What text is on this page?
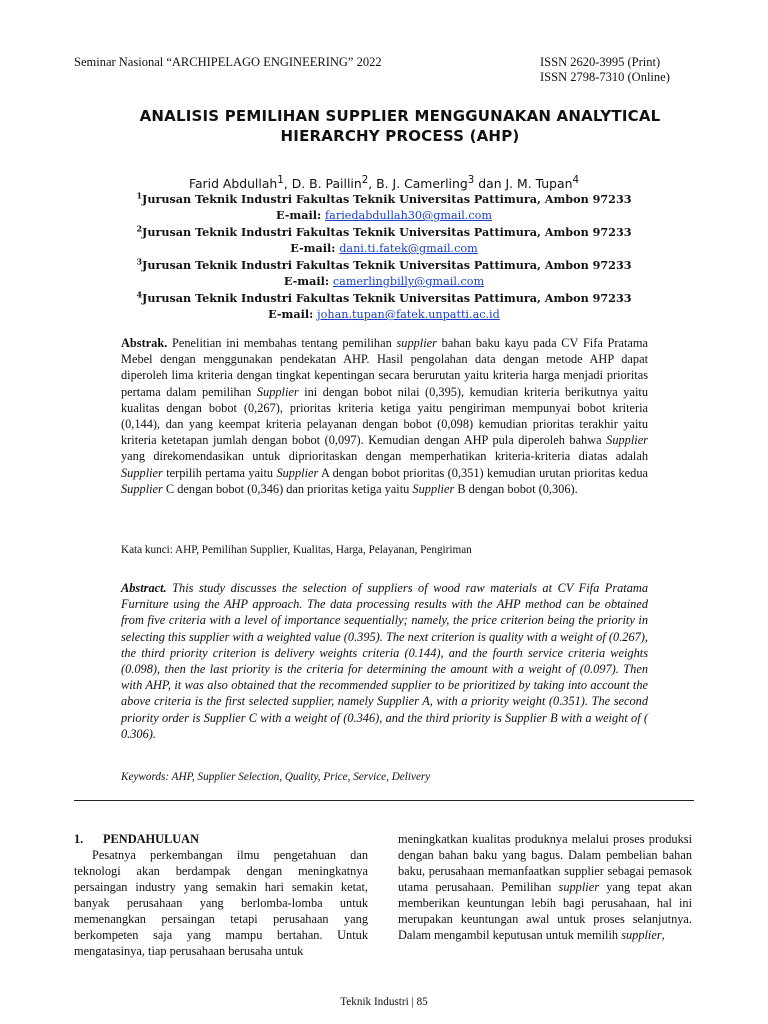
Seminar Nasional “ARCHIPELAGO ENGINEERING” 2022	ISSN 2620-3995 (Print)
ISSN 2798-7310 (Online)
ANALISIS PEMILIHAN SUPPLIER MENGGUNAKAN ANALYTICAL
HIERARCHY PROCESS (AHP)
Farid Abdullah$^1$, D. B. Paillin$^2$, B. J. Camerling$^3$ dan J. M. Tupan$^4$
$^1$Jurusan Teknik Industri Fakultas Teknik Universitas Pattimura, Ambon 97233
E-mail: fariedabdullah30@gmail.com
$^2$Jurusan Teknik Industri Fakultas Teknik Universitas Pattimura, Ambon 97233
E-mail: dani.ti.fatek@gmail.com
$^3$Jurusan Teknik Industri Fakultas Teknik Universitas Pattimura, Ambon 97233
E-mail: camerlingbilly@gmail.com
$^4$Jurusan Teknik Industri Fakultas Teknik Universitas Pattimura, Ambon 97233
E-mail: johan.tupan@fatek.unpatti.ac.id
Abstrak. Penelitian ini membahas tentang pemilihan supplier bahan baku kayu pada CV Fifa Pratama Mebel dengan menggunakan pendekatan AHP. Hasil pengolahan data dengan metode AHP dapat diperoleh lima kriteria dengan tingkat kepentingan secara berurutan yaitu kriteria harga menjadi prioritas pertama dalam pemilihan Supplier ini dengan bobot nilai (0,395), kemudian kriteria berikutnya yaitu kualitas dengan bobot (0,267), prioritas kriteria ketiga yaitu pengiriman mempunyai bobot kriteria (0,144), dan yang keempat kriteria pelayanan dengan bobot (0,098) kemudian prioritas terakhir yaitu kriteria ketetapan jumlah dengan bobot (0,097). Kemudian dengan AHP pula diperoleh bahwa Supplier yang direkomendasikan untuk diprioritaskan dengan memperhatikan kriteria-kriteria diatas adalah Supplier terpilih pertama yaitu Supplier A dengan bobot prioritas (0,351) kemudian urutan prioritas kedua Supplier C dengan bobot (0,346) dan prioritas ketiga yaitu Supplier B dengan bobot (0,306).
Kata kunci: AHP, Pemilihan Supplier, Kualitas, Harga, Pelayanan, Pengiriman
Abstract. This study discusses the selection of suppliers of wood raw materials at CV Fifa Pratama Furniture using the AHP approach. The data processing results with the AHP method can be obtained from five criteria with a level of importance sequentially; namely, the price criterion being the priority in selecting this supplier with a weighted value (0.395). The next criterion is quality with a weight of (0.267), the third priority criterion is delivery weights criteria (0.144), and the fourth service criteria weights (0.098), then the last priority is the criteria for determining the amount with a weight of (0.097). Then with AHP, it was also obtained that the recommended supplier to be prioritized by taking into account the above criteria is the first selected supplier, namely Supplier A, with a priority weight (0.351). The second priority order is Supplier C with a weight of (0.346), and the third priority is Supplier B with a weight of ( 0.306).
Keywords: AHP, Supplier Selection, Quality, Price, Service, Delivery
1. PENDAHULUAN
Pesatnya perkembangan ilmu pengetahuan dan teknologi akan berdampak dengan meningkatnya persaingan industry yang semakin hari semakin ketat, banyak perusahaan yang berlomba-lomba untuk memenangkan persaingan tetapi perusahaan yang berkompeten saja yang mampu bertahan. Untuk mengatasinya, tiap perusahaan berusaha untuk
meningkatkan kualitas produknya melalui proses produksi dengan bahan baku yang bagus. Dalam pembelian bahan baku, perusahaan memanfaatkan supplier sebagai pemasok utama perusahaan. Pemilihan supplier yang tepat akan memberikan keuntungan lebih bagi perusahaan, hal ini merupakan keuntungan awal untuk proses selanjutnya. Dalam mengambil keputusan untuk memilih supplier,
Teknik Industri | 85
